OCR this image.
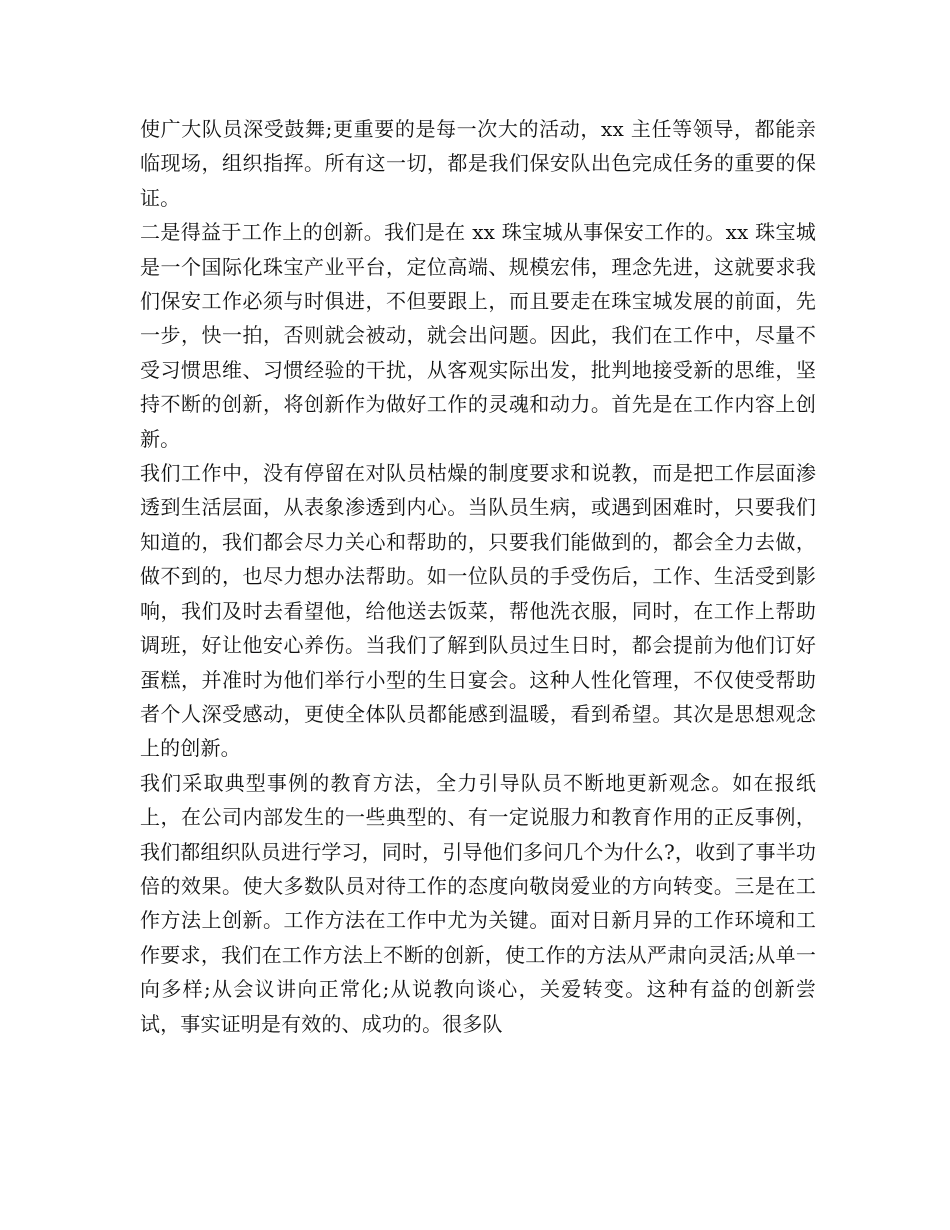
使广大队员深受鼓舞;更重要的是每一次大的活动，xx 主任等领导，都能亲临现场，组织指挥。所有这一切，都是我们保安队出色完成任务的重要的保证。

二是得益于工作上的创新。我们是在 xx 珠宝城从事保安工作的。xx 珠宝城是一个国际化珠宝产业平台，定位高端、规模宏伟，理念先进，这就要求我们保安工作必须与时俱进，不但要跟上，而且要走在珠宝城发展的前面，先一步，快一拍，否则就会被动，就会出问题。因此，我们在工作中，尽量不受习惯思维、习惯经验的干扰，从客观实际出发，批判地接受新的思维，坚持不断的创新，将创新作为做好工作的灵魂和动力。首先是在工作内容上创新。

我们工作中，没有停留在对队员枯燥的制度要求和说教，而是把工作层面渗透到生活层面，从表象渗透到内心。当队员生病，或遇到困难时，只要我们知道的，我们都会尽力关心和帮助的，只要我们能做到的，都会全力去做，做不到的，也尽力想办法帮助。如一位队员的手受伤后，工作、生活受到影响，我们及时去看望他，给他送去饭菜，帮他洗衣服，同时，在工作上帮助调班，好让他安心养伤。当我们了解到队员过生日时，都会提前为他们订好蛋糕，并准时为他们举行小型的生日宴会。这种人性化管理，不仅使受帮助者个人深受感动，更使全体队员都能感到温暖，看到希望。其次是思想观念上的创新。

我们采取典型事例的教育方法，全力引导队员不断地更新观念。如在报纸上，在公司内部发生的一些典型的、有一定说服力和教育作用的正反事例，我们都组织队员进行学习，同时，引导他们多问几个为什么?，收到了事半功倍的效果。使大多数队员对待工作的态度向敬岗爱业的方向转变。三是在工作方法上创新。工作方法在工作中尤为关键。面对日新月异的工作环境和工作要求，我们在工作方法上不断的创新，使工作的方法从严肃向灵活;从单一向多样;从会议讲向正常化;从说教向谈心，关爱转变。这种有益的创新尝试，事实证明是有效的、成功的。很多队
